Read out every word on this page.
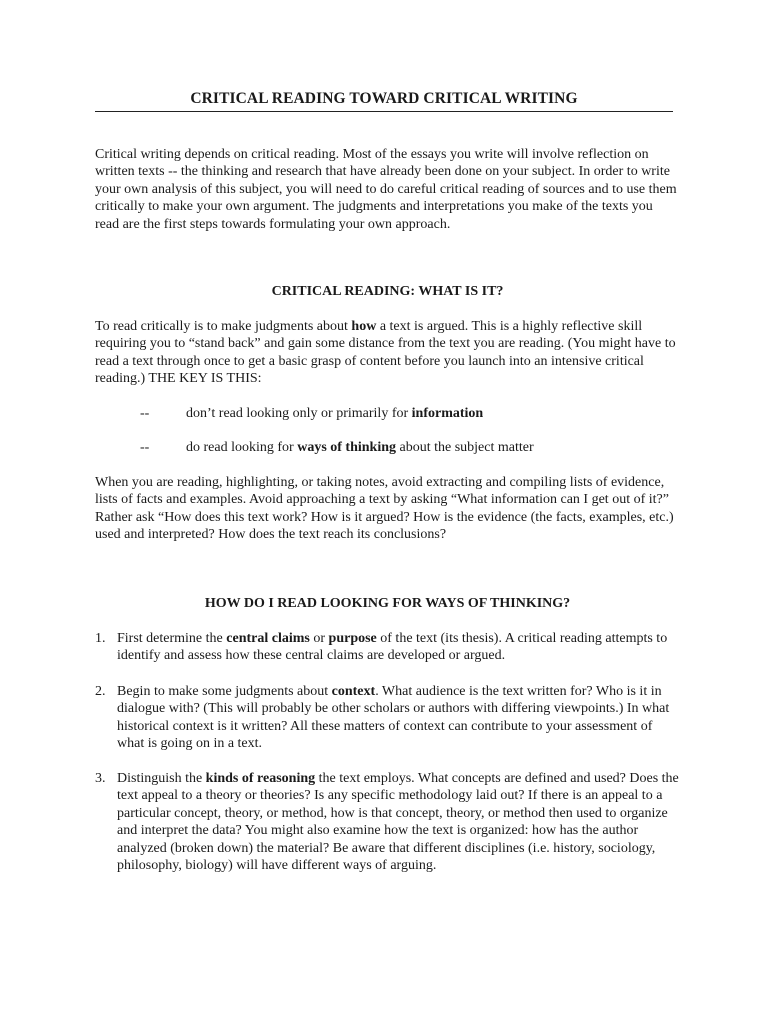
CRITICAL READING TOWARD CRITICAL WRITING
Critical writing depends on critical reading. Most of the essays you write will involve reflection on written texts -- the thinking and research that have already been done on your subject. In order to write your own analysis of this subject, you will need to do careful critical reading of sources and to use them critically to make your own argument. The judgments and interpretations you make of the texts you read are the first steps towards formulating your own approach.
CRITICAL READING: WHAT IS IT?
To read critically is to make judgments about how a text is argued. This is a highly reflective skill requiring you to “stand back” and gain some distance from the text you are reading. (You might have to read a text through once to get a basic grasp of content before you launch into an intensive critical reading.) THE KEY IS THIS:
--	don’t read looking only or primarily for information
--	do read looking for ways of thinking about the subject matter
When you are reading, highlighting, or taking notes, avoid extracting and compiling lists of evidence, lists of facts and examples. Avoid approaching a text by asking “What information can I get out of it?” Rather ask “How does this text work? How is it argued? How is the evidence (the facts, examples, etc.) used and interpreted? How does the text reach its conclusions?
HOW DO I READ LOOKING FOR WAYS OF THINKING?
1. First determine the central claims or purpose of the text (its thesis). A critical reading attempts to identify and assess how these central claims are developed or argued.
2. Begin to make some judgments about context. What audience is the text written for? Who is it in dialogue with? (This will probably be other scholars or authors with differing viewpoints.) In what historical context is it written? All these matters of context can contribute to your assessment of what is going on in a text.
3. Distinguish the kinds of reasoning the text employs. What concepts are defined and used? Does the text appeal to a theory or theories? Is any specific methodology laid out? If there is an appeal to a particular concept, theory, or method, how is that concept, theory, or method then used to organize and interpret the data? You might also examine how the text is organized: how has the author analyzed (broken down) the material? Be aware that different disciplines (i.e. history, sociology, philosophy, biology) will have different ways of arguing.
